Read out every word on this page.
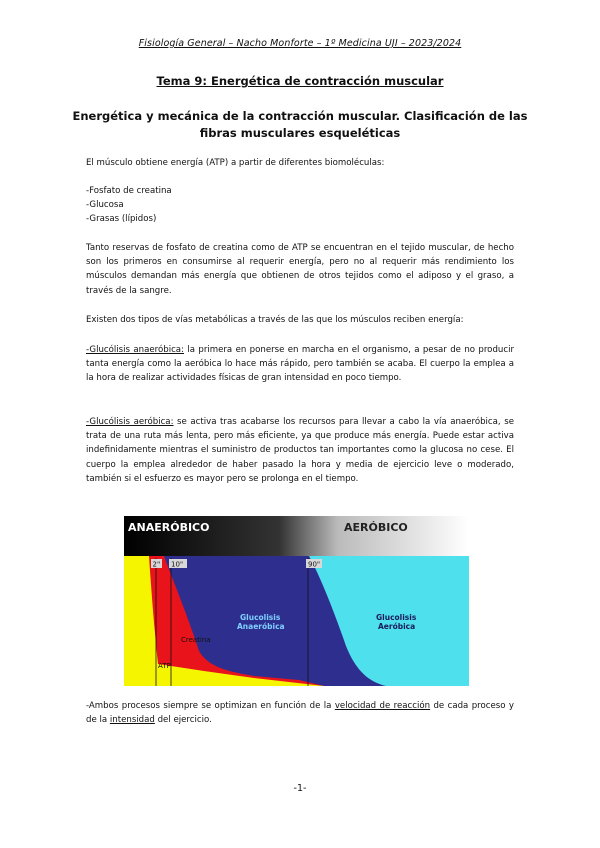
Fisiología General – Nacho Monforte – 1º Medicina UJI – 2023/2024
Tema 9: Energética de contracción muscular
Energética y mecánica de la contracción muscular. Clasificación de las fibras musculares esqueléticas
El músculo obtiene energía (ATP) a partir de diferentes biomoléculas:
-Fosfato de creatina
-Glucosa
-Grasas (lípidos)
Tanto reservas de fosfato de creatina como de ATP se encuentran en el tejido muscular, de hecho son los primeros en consumirse al requerir energía, pero no al requerir más rendimiento los músculos demandan más energía que obtienen de otros tejidos como el adiposo y el graso, a través de la sangre.
Existen dos tipos de vías metabólicas a través de las que los músculos reciben energía:
-Glucólisis anaeróbica: la primera en ponerse en marcha en el organismo, a pesar de no producir tanta energía como la aeróbica lo hace más rápido, pero también se acaba. El cuerpo la emplea a la hora de realizar actividades físicas de gran intensidad en poco tiempo.
-Glucólisis aeróbica: se activa tras acabarse los recursos para llevar a cabo la vía anaeróbica, se trata de una ruta más lenta, pero más eficiente, ya que produce más energía. Puede estar activa indefinidamente mientras el suministro de productos tan importantes como la glucosa no cese. El cuerpo la emplea alrededor de haber pasado la hora y media de ejercicio leve o moderado, también si el esfuerzo es mayor pero se prolonga en el tiempo.
ANAERÓBICO	AERÓBICO
2" 10"	90"
ATP
Creatina
Glucolisis
Anaeróbica
Glucolisis
Aeróbica
-Ambos procesos siempre se optimizan en función de la velocidad de reacción de cada proceso y de la intensidad del ejercicio.
-1-
